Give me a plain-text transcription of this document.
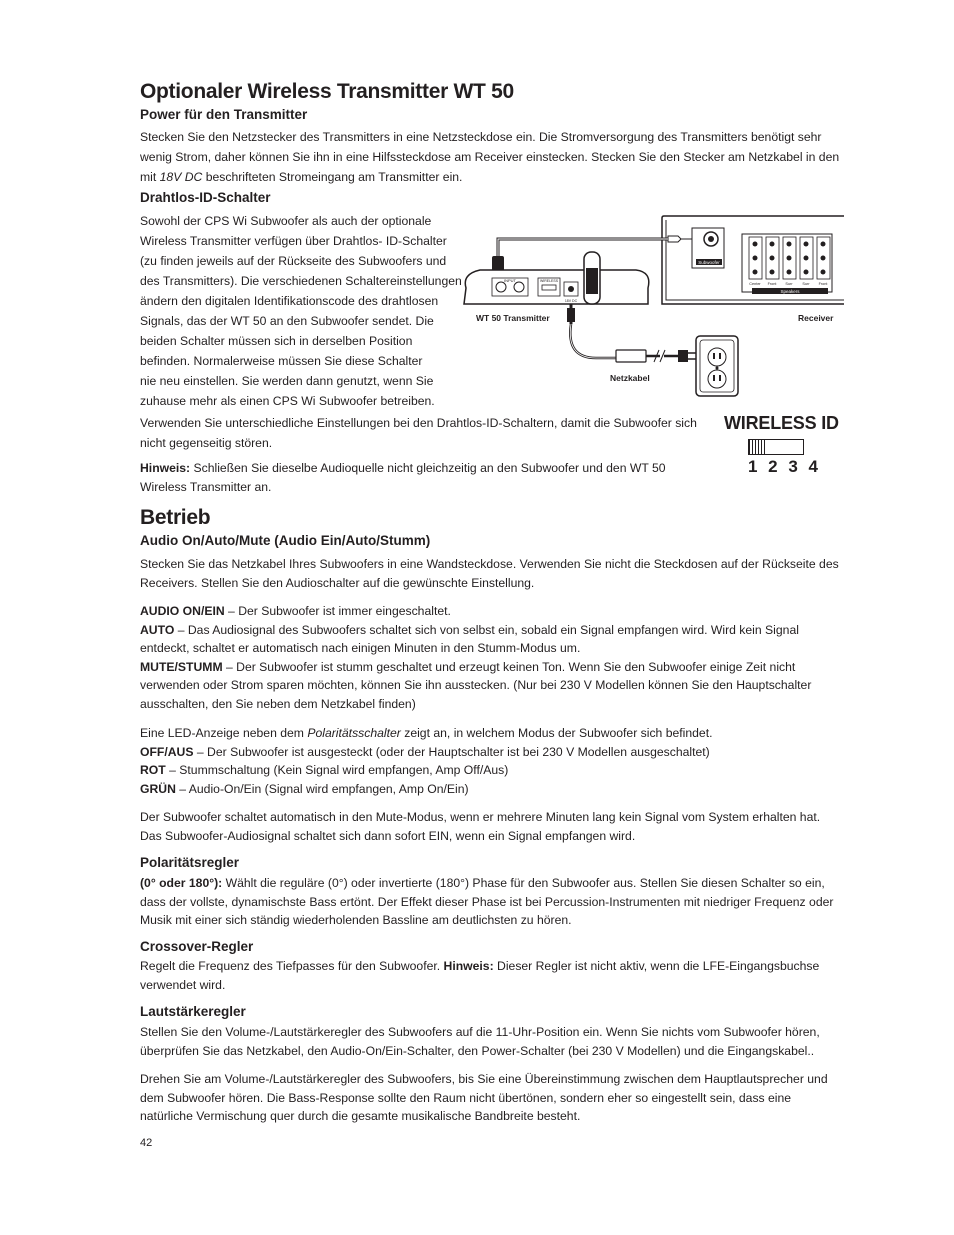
Optionaler Wireless Transmitter WT 50
Power für den Transmitter

Stecken Sie den Netzstecker des Transmitters in eine Netzsteckdose ein. Die Stromversorgung des Transmitters benötigt sehr wenig Strom, daher können Sie ihn in eine Hilfssteckdose am Receiver einstecken. Stecken Sie den Stecker am Netzkabel in den mit 18V DC beschrifteten Stromeingang am Transmitter ein.

Drahtlos-ID-Schalter
Sowohl der CPS Wi Subwoofer als auch der optionale
Wireless Transmitter verfügen über Drahtlos- ID-Schalter
(zu finden jeweils auf der Rückseite des Subwoofers und
des Transmitters). Die verschiedenen Schaltereinstellungen
ändern den digitalen Identifikationscode des drahtlosen
Signals, das der WT 50 an den Subwoofer sendet. Die
beiden Schalter müssen sich in derselben Position
befinden. Normalerweise müssen Sie diese Schalter
nie neu einstellen. Sie werden dann genutzt, wenn Sie
zuhause mehr als einen CPS Wi Subwoofer betreiben.

Verwenden Sie unterschiedliche Einstellungen bei den Drahtlos-ID-Schaltern, damit die Subwoofer sich nicht gegenseitig stören.

Hinweis: Schließen Sie dieselbe Audioquelle nicht gleichzeitig an den Subwoofer und den WT 50 Wireless Transmitter an.

Subwoofer
Center Front Surr	Surr Front
Speakers
INPUT	WIRELESS
18V DC
WT 50 Transmitter	Receiver
Netzkabel
WIRELESS ID
1 2 3 4
Betrieb
Audio On/Auto/Mute (Audio Ein/Auto/Stumm)

Stecken Sie das Netzkabel Ihres Subwoofers in eine Wandsteckdose. Verwenden Sie nicht die Steckdosen auf der Rückseite des Receivers. Stellen Sie den Audioschalter auf die gewünschte Einstellung.

AUDIO ON/EIN – Der Subwoofer ist immer eingeschaltet.
AUTO – Das Audiosignal des Subwoofers schaltet sich von selbst ein, sobald ein Signal empfangen wird. Wird kein Signal entdeckt, schaltet er automatisch nach einigen Minuten in den Stumm-Modus um.
MUTE/STUMM – Der Subwoofer ist stumm geschaltet und erzeugt keinen Ton. Wenn Sie den Subwoofer einige Zeit nicht verwenden oder Strom sparen möchten, können Sie ihn ausstecken. (Nur bei 230 V Modellen können Sie den Hauptschalter ausschalten, den Sie neben dem Netzkabel finden)

Eine LED-Anzeige neben dem Polaritätsschalter zeigt an, in welchem Modus der Subwoofer sich befindet.
OFF/AUS – Der Subwoofer ist ausgesteckt (oder der Hauptschalter ist bei 230 V Modellen ausgeschaltet)
ROT – Stummschaltung (Kein Signal wird empfangen, Amp Off/Aus)
GRÜN – Audio-On/Ein (Signal wird empfangen, Amp On/Ein)

Der Subwoofer schaltet automatisch in den Mute-Modus, wenn er mehrere Minuten lang kein Signal vom System erhalten hat. Das Subwoofer-Audiosignal schaltet sich dann sofort EIN, wenn ein Signal empfangen wird.

Polaritätsregler

(0° oder 180°): Wählt die reguläre (0°) oder invertierte (180°) Phase für den Subwoofer aus. Stellen Sie diesen Schalter so ein, dass der vollste, dynamischste Bass ertönt. Der Effekt dieser Phase ist bei Percussion-Instrumenten mit niedriger Frequenz oder Musik mit einer sich ständig wiederholenden Bassline am deutlichsten zu hören.

Crossover-Regler

Regelt die Frequenz des Tiefpasses für den Subwoofer. Hinweis: Dieser Regler ist nicht aktiv, wenn die LFE-Eingangsbuchse verwendet wird.

Lautstärkeregler

Stellen Sie den Volume-/Lautstärkeregler des Subwoofers auf die 11-Uhr-Position ein. Wenn Sie nichts vom Subwoofer hören, überprüfen Sie das Netzkabel, den Audio-On/Ein-Schalter, den Power-Schalter (bei 230 V Modellen) und die Eingangskabel..

Drehen Sie am Volume-/Lautstärkeregler des Subwoofers, bis Sie eine Übereinstimmung zwischen dem Hauptlautsprecher und dem Subwoofer hören. Die Bass-Response sollte den Raum nicht übertönen, sondern eher so eingestellt sein, dass eine natürliche Vermischung quer durch die gesamte musikalische Bandbreite besteht.

42
